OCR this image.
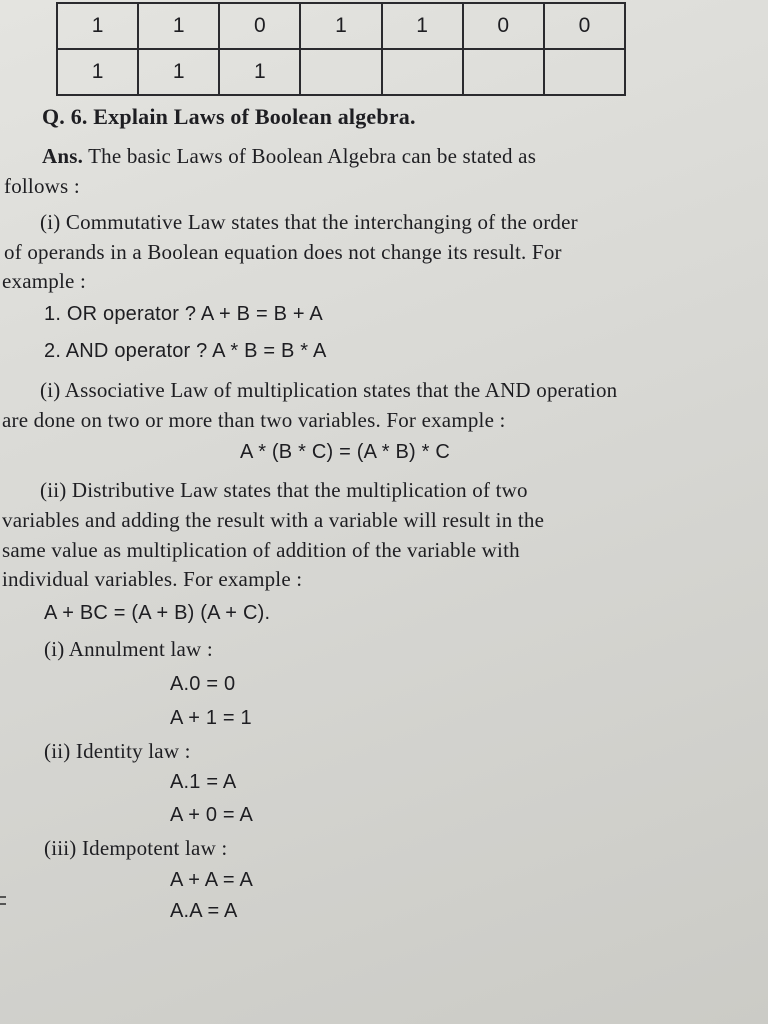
1	1	0	1	1	0	0
1	1	1				
Q. 6. Explain Laws of Boolean algebra.
Ans. The basic Laws of Boolean Algebra can be stated as
follows :
(i) Commutative Law states that the interchanging of the order
of operands in a Boolean equation does not change its result. For
example :
1. OR operator ? A + B = B + A
2. AND operator ? A * B = B * A
(i) Associative Law of multiplication states that the AND operation
are done on two or more than two variables. For example :
A * (B * C) = (A * B) * C
(ii) Distributive Law states that the multiplication of two
variables and adding the result with a variable will result in the
same value as multiplication of addition of the variable with
individual variables. For example :
A + BC = (A + B) (A + C).
(i) Annulment law :
A.0 = 0
A + 1 = 1
(ii) Identity law :
A.1 = A
A + 0 = A
(iii) Idempotent law :
A + A = A
A.A = A
